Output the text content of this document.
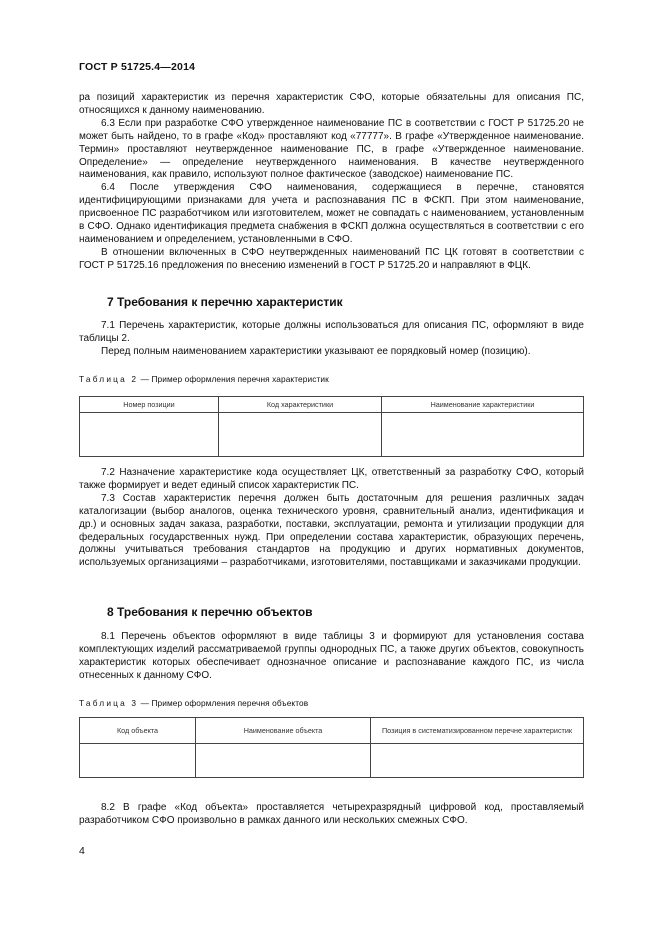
ГОСТ Р 51725.4—2014

ра позиций характеристик из перечня характеристик СФО, которые обязательны для описания ПС, относящихся к данному наименованию.

6.3 Если при разработке СФО утвержденное наименование ПС в соответствии с ГОСТ Р 51725.20 не может быть найдено, то в графе «Код» проставляют код «77777». В графе «Утвержденное наименование. Термин» проставляют неутвержденное наименование ПС, в графе «Утвержденное наименование. Определение» — определение неутвержденного наименования. В качестве неутвержденного наименования, как правило, используют полное фактическое (заводское) наименование ПС.

6.4 После утверждения СФО наименования, содержащиеся в перечне, становятся идентифицирующими признаками для учета и распознавания ПС в ФСКП. При этом наименование, присвоенное ПС разработчиком или изготовителем, может не совпадать с наименованием, установленным в СФО. Однако идентификация предмета снабжения в ФСКП должна осуществляться в соответствии с его наименованием и определением, установленными в СФО.

В отношении включенных в СФО неутвержденных наименований ПС ЦК готовят в соответствии с ГОСТ Р 51725.16 предложения по внесению изменений в ГОСТ Р 51725.20 и направляют в ФЦК.

7 Требования к перечню характеристик

7.1 Перечень характеристик, которые должны использоваться для описания ПС, оформляют в виде таблицы 2.

Перед полным наименованием характеристики указывают ее порядковый номер (позицию).

Таблица 2 — Пример оформления перечня характеристик
Номер позиции	Код характеристики	Наименование характеристики

7.2 Назначение характеристике кода осуществляет ЦК, ответственный за разработку СФО, который также формирует и ведет единый список характеристик ПС.

7.3 Состав характеристик перечня должен быть достаточным для решения различных задач каталогизации (выбор аналогов, оценка технического уровня, сравнительный анализ, идентификация и др.) и основных задач заказа, разработки, поставки, эксплуатации, ремонта и утилизации продукции для федеральных государственных нужд. При определении состава характеристик, образующих перечень, должны учитываться требования стандартов на продукцию и других нормативных документов, используемых организациями – разработчиками, изготовителями, поставщиками и заказчиками продукции.

8 Требования к перечню объектов

8.1 Перечень объектов оформляют в виде таблицы 3 и формируют для установления состава комплектующих изделий рассматриваемой группы однородных ПС, а также других объектов, совокупность характеристик которых обеспечивает однозначное описание и распознавание каждого ПС, из числа отнесенных к данному СФО.

Таблица 3 — Пример оформления перечня объектов
Код объекта	Наименование объекта	Позиция в систематизированном перечне характеристик

8.2 В графе «Код объекта» проставляется четырехразрядный цифровой код, проставляемый разработчиком СФО произвольно в рамках данного или нескольких смежных СФО.

4
